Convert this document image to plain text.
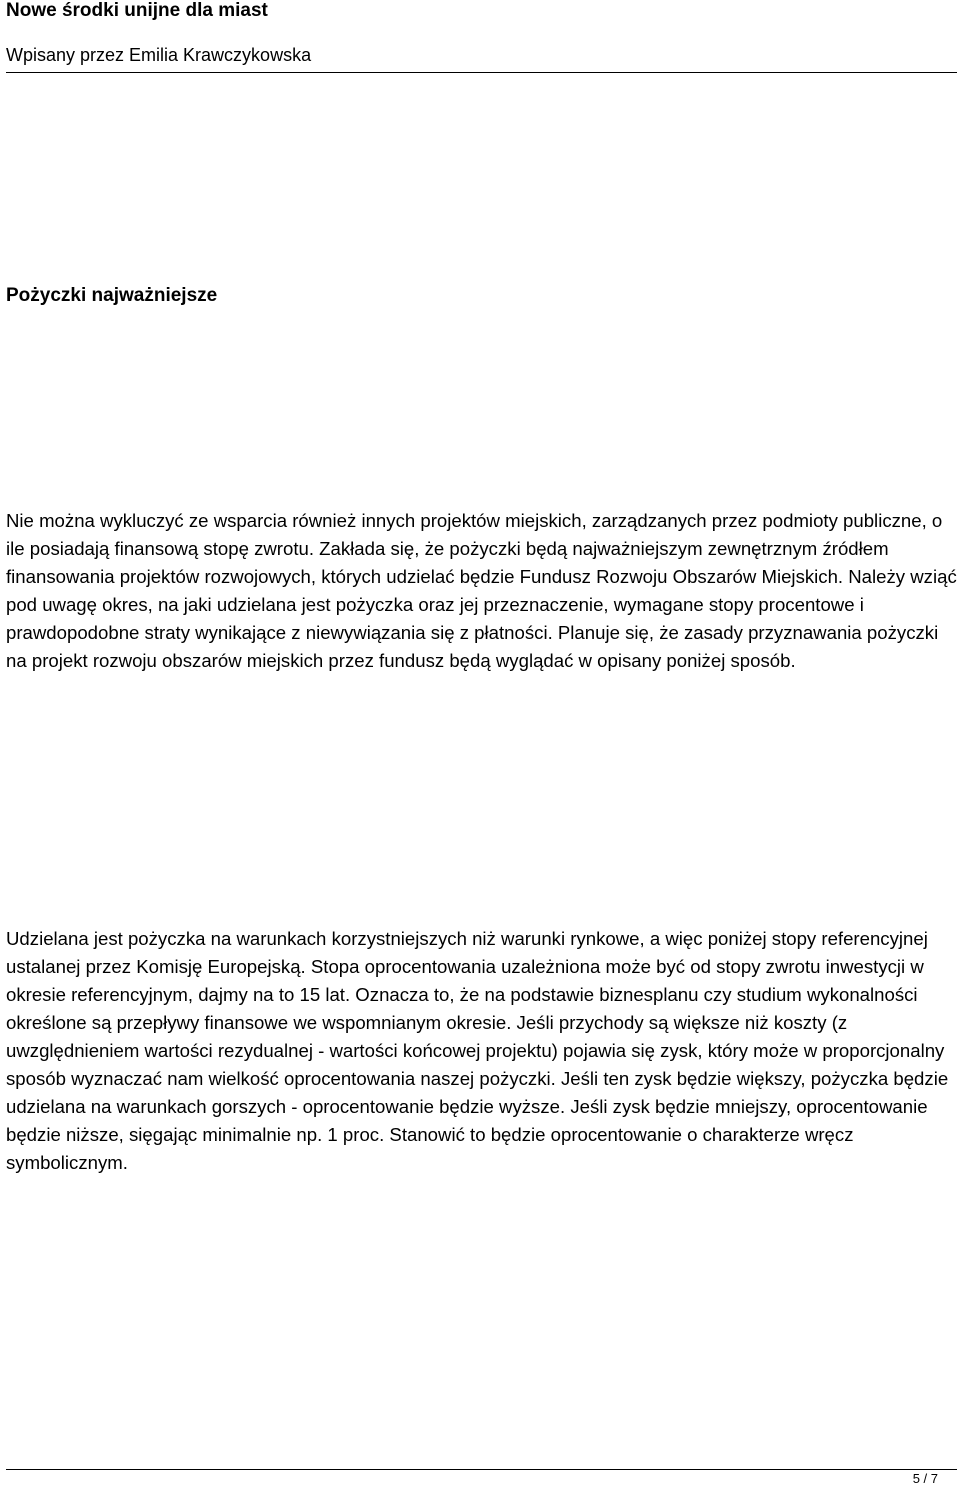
Nowe środki unijne dla miast
Wpisany przez Emilia Krawczykowska
Pożyczki najważniejsze

Nie można wykluczyć ze wsparcia również innych projektów miejskich, zarządzanych przez podmioty publiczne, o ile posiadają finansową stopę zwrotu. Zakłada się, że pożyczki będą najważniejszym zewnętrznym źródłem finansowania projektów rozwojowych, których udzielać będzie Fundusz Rozwoju Obszarów Miejskich. Należy wziąć pod uwagę okres, na jaki udzielana jest pożyczka oraz jej przeznaczenie, wymagane stopy procentowe i prawdopodobne straty wynikające z niewywiązania się z płatności. Planuje się, że zasady przyznawania pożyczki na projekt rozwoju obszarów miejskich przez fundusz będą wyglądać w opisany poniżej sposób.

Udzielana jest pożyczka na warunkach korzystniejszych niż warunki rynkowe, a więc poniżej stopy referencyjnej ustalanej przez Komisję Europejską. Stopa oprocentowania uzależniona może być od stopy zwrotu inwestycji w okresie referencyjnym, dajmy na to 15 lat. Oznacza to, że na podstawie biznesplanu czy studium wykonalności określone są przepływy finansowe we wspomnianym okresie. Jeśli przychody są większe niż koszty (z uwzględnieniem wartości rezydualnej - wartości końcowej projektu) pojawia się zysk, który może w proporcjonalny sposób wyznaczać nam wielkość oprocentowania naszej pożyczki. Jeśli ten zysk będzie większy, pożyczka będzie udzielana na warunkach gorszych - oprocentowanie będzie wyższe. Jeśli zysk będzie mniejszy, oprocentowanie będzie niższe, sięgając minimalnie np. 1 proc. Stanowić to będzie oprocentowanie o charakterze wręcz symbolicznym.

5 / 7
